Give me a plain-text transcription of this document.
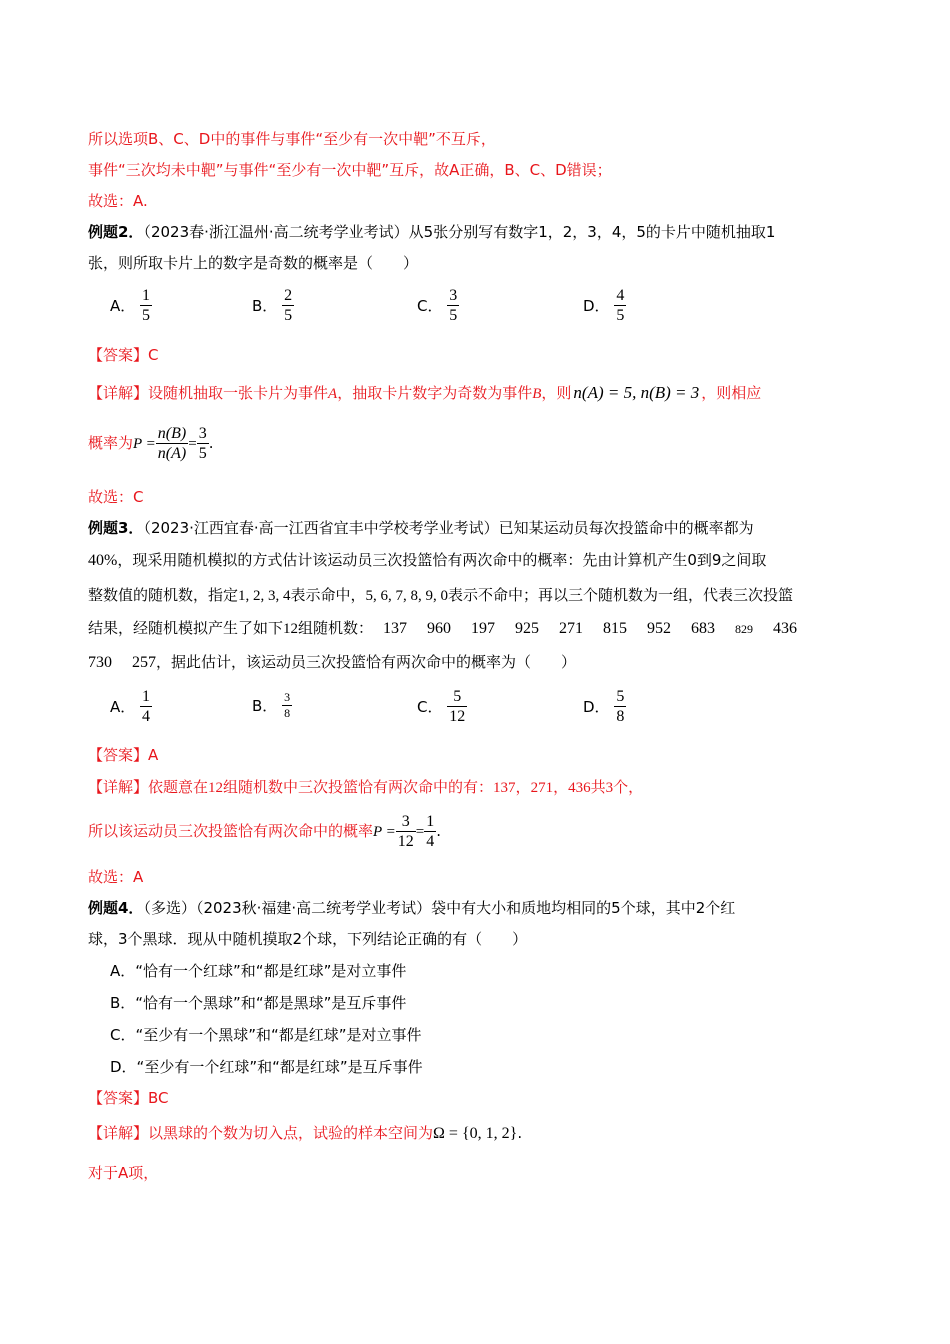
所以选项B、C、D中的事件与事件“至少有一次中靶”不互斥，
事件“三次均未中靶”与事件“至少有一次中靶”互斥，故A正确，B、C、D错误；
故选：A.
例题2．（2023春·浙江温州·高二统考学业考试）从5张分别写有数字1，2，3，4，5的卡片中随机抽取1
张，则所取卡片上的数字是奇数的概率是（　　）
A． $\frac{1}{5}$	B． $\frac{2}{5}$	C． $\frac{3}{5}$	D． $\frac{4}{5}$
【答案】C
【详解】设随机抽取一张卡片为事件A，抽取卡片数字为奇数为事件B，则 n(A) = 5, n(B) = 3 ，则相应
概率为$P = \frac{n(B)}{n(A)} = \frac{3}{5}$ .
故选：C
例题3．（2023·江西宜春·高一江西省宜丰中学校考学业考试）已知某运动员每次投篮命中的概率都为
40%，现采用随机模拟的方式估计该运动员三次投篮恰有两次命中的概率：先由计算机产生0到9之间取
整数值的随机数，指定1, 2, 3, 4表示命中，5, 6, 7, 8, 9, 0表示不命中；再以三个随机数为一组，代表三次投篮
结果，经随机模拟产生了如下12组随机数： 137 960 197 925 271 815 952 683 829 436
730 257，据此估计，该运动员三次投篮恰有两次命中的概率为（　　）
A． $\frac{1}{4}$	B． $\frac{3}{8}$	C． $\frac{5}{12}$	D． $\frac{5}{8}$
【答案】A
【详解】依题意在12组随机数中三次投篮恰有两次命中的有：137，271，436共3个，
所以该运动员三次投篮恰有两次命中的概率$P = \frac{3}{12} = \frac{1}{4}$ .
故选：A
例题4．（多选）（2023秋·福建·高二统考学业考试）袋中有大小和质地均相同的5个球，其中2个红
球，3个黑球．现从中随机摸取2个球，下列结论正确的有（　　）
A．“恰有一个红球”和“都是红球”是对立事件
B．“恰有一个黑球”和“都是黑球”是互斥事件
C．“至少有一个黑球”和“都是红球”是对立事件
D．“至少有一个红球”和“都是红球”是互斥事件
【答案】BC
【详解】以黑球的个数为切入点，试验的样本空间为Ω = {0, 1, 2}.
对于A项，
